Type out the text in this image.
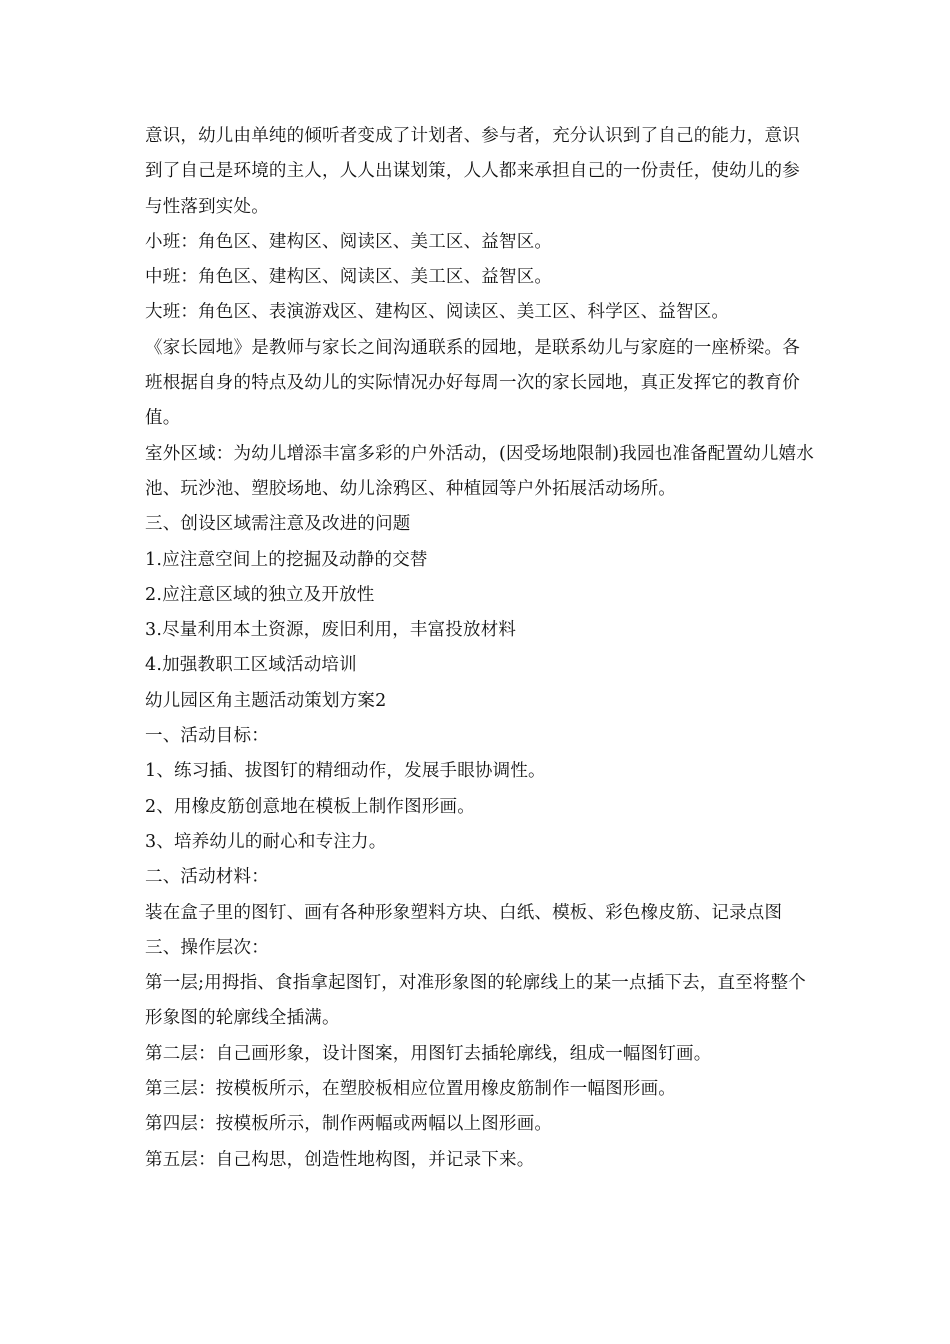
意识，幼儿由单纯的倾听者变成了计划者、参与者，充分认识到了自己的能力，意识到了自己是环境的主人，人人出谋划策，人人都来承担自己的一份责任，使幼儿的参与性落到实处。

小班：角色区、建构区、阅读区、美工区、益智区。

中班：角色区、建构区、阅读区、美工区、益智区。

大班：角色区、表演游戏区、建构区、阅读区、美工区、科学区、益智区。

《家长园地》是教师与家长之间沟通联系的园地，是联系幼儿与家庭的一座桥梁。各班根据自身的特点及幼儿的实际情况办好每周一次的家长园地，真正发挥它的教育价值。

室外区域：为幼儿增添丰富多彩的户外活动，(因受场地限制)我园也准备配置幼儿嬉水池、玩沙池、塑胶场地、幼儿涂鸦区、种植园等户外拓展活动场所。

三、创设区域需注意及改进的问题

1.应注意空间上的挖掘及动静的交替

2.应注意区域的独立及开放性

3.尽量利用本土资源，废旧利用，丰富投放材料

4.加强教职工区域活动培训

幼儿园区角主题活动策划方案2

一、活动目标：

1、练习插、拔图钉的精细动作，发展手眼协调性。

2、用橡皮筋创意地在模板上制作图形画。

3、培养幼儿的耐心和专注力。

二、活动材料：

装在盒子里的图钉、画有各种形象塑料方块、白纸、模板、彩色橡皮筋、记录点图

三、操作层次：

第一层;用拇指、食指拿起图钉，对准形象图的轮廓线上的某一点插下去，直至将整个形象图的轮廓线全插满。

第二层：自己画形象，设计图案，用图钉去插轮廓线，组成一幅图钉画。

第三层：按模板所示，在塑胶板相应位置用橡皮筋制作一幅图形画。

第四层：按模板所示，制作两幅或两幅以上图形画。

第五层：自己构思，创造性地构图，并记录下来。
